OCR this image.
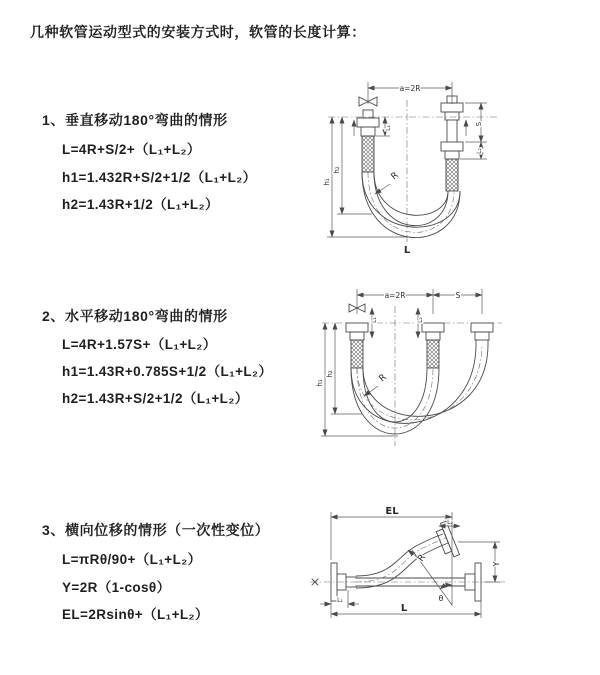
几种软管运动型式的安装方式时，软管的长度计算：
1、垂直移动180°弯曲的情形
L=4R+S/2+（L₁+L₂）
h1=1.432R+S/2+1/2（L₁+L₂）
h2=1.43R+1/2（L₁+L₂）
2、水平移动180°弯曲的情形
L=4R+1.57S+（L₁+L₂）
h1=1.43R+0.785S+1/2（L₁+L₂）
h2=1.43R+S/2+1/2（L₁+L₂）
3、横向位移的情形（一次性变位）
L=πRθ/90+（L₁+L₂）
Y=2R（1-cosθ）
EL=2Rsinθ+（L₁+L₂）
a=2R
R
h₁
h₂
L₁
S
L₂
L
a=2R	S
L₁	L₂
R
h₁
h₂
EL
L₂
θ
R
Y
L
L₁
